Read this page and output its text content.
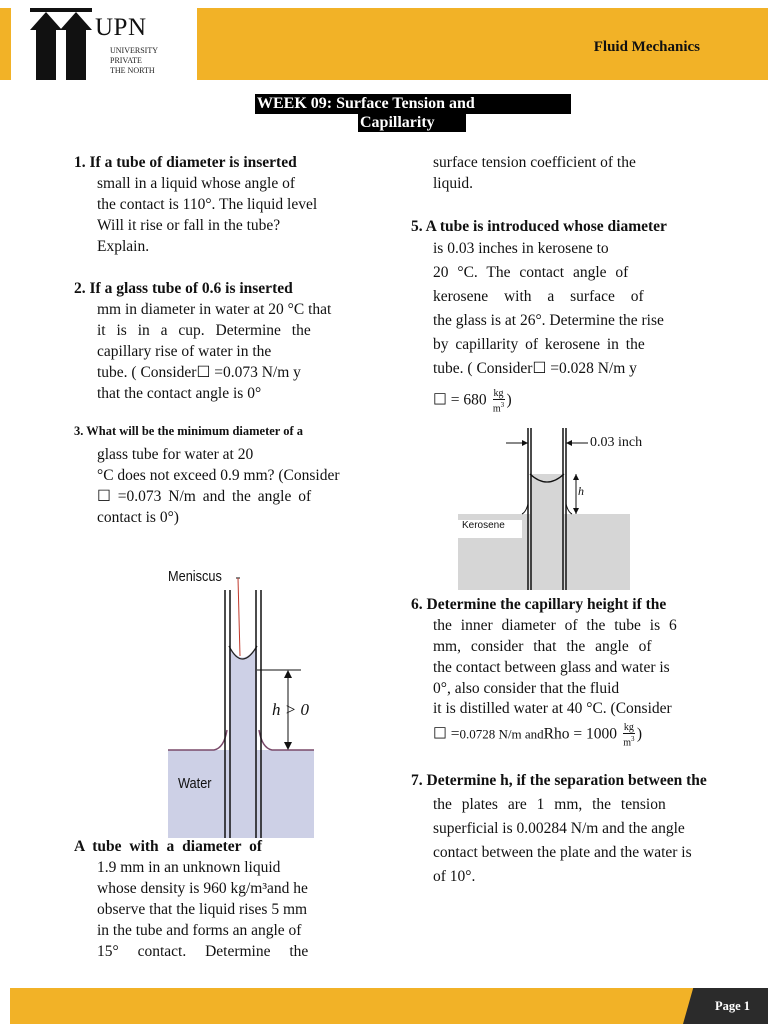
UPN
UNIVERSITY
PRIVATE
THE NORTH
Fluid Mechanics
WEEK 09: Surface Tension and
Capillarity
1. If a tube of diameter is inserted
small in a liquid whose angle of
the contact is 110°. The liquid level
Will it rise or fall in the tube?
Explain.
2. If a glass tube of 0.6 is inserted
mm in diameter in water at 20 °C that
it is in a cup. Determine the
capillary rise of water in the
tube. ( Consider☐ =0.073 N/m y
that the contact angle is 0°
3. What will be the minimum diameter of a
glass tube for water at 20
°C does not exceed 0.9 mm? (Consider
☐ =0.073 N/m and the angle of
contact is 0°)
Meniscus
h > 0
Water
A tube with a diameter of
1.9 mm in an unknown liquid
whose density is 960 kg/m³and he
observe that the liquid rises 5 mm
in the tube and forms an angle of
15° contact. Determine the
surface tension coefficient of the
liquid.
5. A tube is introduced whose diameter
is 0.03 inches in kerosene to
20 °C. The contact angle of
kerosene with a surface of
the glass is at 26°. Determine the rise
by capillarity of kerosene in the
tube. ( Consider☐ =0.028 N/m y
☐ = $680 \frac{kg}{m^3}$ )
0.03 inch
h
Kerosene
6. Determine the capillary height if the
the inner diameter of the tube is 6
mm, consider that the angle of
the contact between glass and water is
0°, also consider that the fluid
it is distilled water at 40 °C. (Consider
☐ =0.0728 N/m andRho = $1000 \frac{kg}{m^3}$ )
7. Determine h, if the separation between the
the plates are 1 mm, the tension
superficial is 0.00284 N/m and the angle
contact between the plate and the water is
of 10°.
Page 1
